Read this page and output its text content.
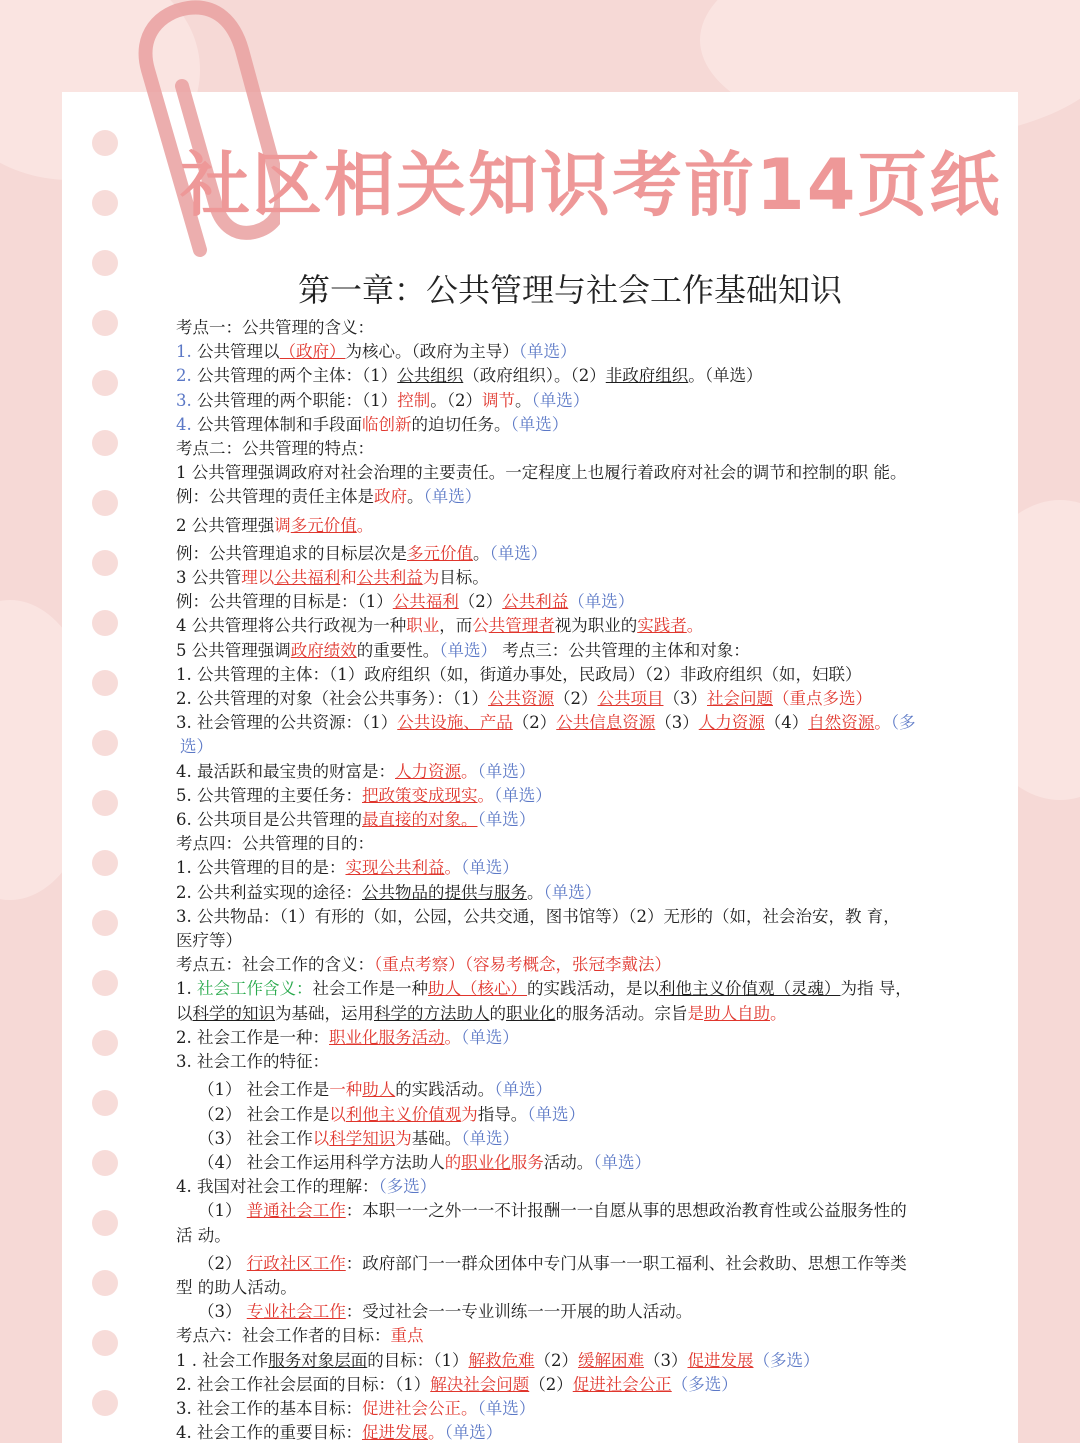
社区相关知识考前14页纸
第一章：公共管理与社会工作基础知识
考点一：公共管理的含义：
1. 公共管理以（政府）为核心。（政府为主导）（单选）
2. 公共管理的两个主体：（1）公共组织（政府组织）。（2）非政府组织。（单选）
3. 公共管理的两个职能：（1）控制。（2）调节。（单选）
4. 公共管理体制和手段面临创新的迫切任务。（单选）
考点二：公共管理的特点：
1 公共管理强调政府对社会治理的主要责任。一定程度上也履行着政府对社会的调节和控制的职 能。
例：公共管理的责任主体是政府。（单选）
2 公共管理强调多元价值。
例：公共管理追求的目标层次是多元价值。（单选）
3 公共管理以公共福利和公共利益为目标。
例：公共管理的目标是：（1）公共福利（2）公共利益（单选）
4 公共管理将公共行政视为一种职业，而公共管理者视为职业的实践者。
5 公共管理强调政府绩效的重要性。（单选） 考点三：公共管理的主体和对象：
1. 公共管理的主体：（1）政府组织（如，街道办事处，民政局）（2）非政府组织（如，妇联）
2. 公共管理的对象（社会公共事务）：（1）公共资源（2）公共项目（3）社会问题（重点多选）
3. 社会管理的公共资源：（1）公共设施、产品（2）公共信息资源（3）人力资源（4）自然资源。（多
选）
4. 最活跃和最宝贵的财富是：人力资源。（单选）
5. 公共管理的主要任务：把政策变成现实。（单选）
6. 公共项目是公共管理的最直接的对象。（单选）
考点四：公共管理的目的：
1. 公共管理的目的是：实现公共利益。（单选）
2. 公共利益实现的途径：公共物品的提供与服务。（单选）
3. 公共物品：（1）有形的（如，公园，公共交通，图书馆等）（2）无形的（如，社会治安，教 育，
医疗等）
考点五：社会工作的含义：（重点考察）（容易考概念，张冠李戴法）
1. 社会工作含义：社会工作是一种助人（核心）的实践活动，是以利他主义价值观（灵魂）为指 导，
以科学的知识为基础，运用科学的方法助人的职业化的服务活动。宗旨是助人自助。
2. 社会工作是一种：职业化服务活动。（单选）
3. 社会工作的特征：
（1） 社会工作是一种助人的实践活动。（单选）
（2） 社会工作是以利他主义价值观为指导。（单选）
（3） 社会工作以科学知识为基础。（单选）
（4） 社会工作运用科学方法助人的职业化服务活动。（单选）
4. 我国对社会工作的理解：（多选）
（1） 普通社会工作：本职一一之外一一不计报酬一一自愿从事的思想政治教育性或公益服务性的
活 动。
（2） 行政社区工作：政府部门一一群众团体中专门从事一一职工福利、社会救助、思想工作等类
型 的助人活动。
（3） 专业社会工作：受过社会一一专业训练一一开展的助人活动。
考点六：社会工作者的目标：重点
1 . 社会工作服务对象层面的目标：（1）解救危难（2）缓解困难（3）促进发展（多选）
2. 社会工作社会层面的目标：（1）解决社会问题（2）促进社会公正（多选）
3. 社会工作的基本目标：促进社会公正。（单选）
4. 社会工作的重要目标：促进发展。（单选）
